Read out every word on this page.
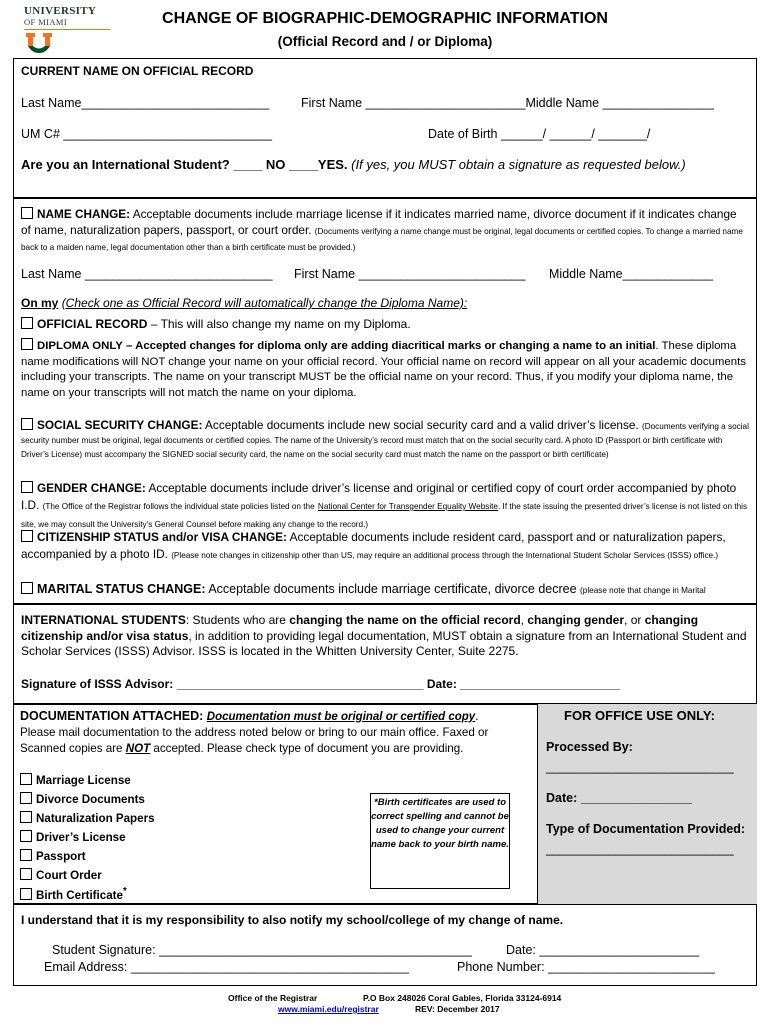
UNIVERSITY
OF MIAMI	CHANGE OF BIOGRAPHIC-DEMOGRAPHIC INFORMATION
(Official Record and / or Diploma)
CURRENT NAME ON OFFICIAL RECORD
Last Name___________________________	First Name _______________________Middle Name ________________
UM C# ______________________________	Date of Birth ______/ ______/ _______/
Are you an International Student? ____ NO ____YES. (If yes, you MUST obtain a signature as requested below.)
NAME CHANGE: Acceptable documents include marriage license if it indicates married name, divorce document if it indicates change of name, naturalization papers, passport, or court order. (Documents verifying a name change must be original, legal documents or certified copies. To change a married name back to a maiden name, legal documentation other than a birth certificate must be provided.)
Last Name ___________________________ First Name ________________________ Middle Name_____________
On my (Check one as Official Record will automatically change the Diploma Name):
OFFICIAL RECORD – This will also change my name on my Diploma.
DIPLOMA ONLY – Accepted changes for diploma only are adding diacritical marks or changing a name to an initial. These diploma name modifications will NOT change your name on your official record. Your official name on record will appear on all your academic documents including your transcripts. The name on your transcript MUST be the official name on your record. Thus, if you modify your diploma name, the name on your transcripts will not match the name on your diploma.
SOCIAL SECURITY CHANGE: Acceptable documents include new social security card and a valid driver’s license. (Documents verifying a social security number must be original, legal documents or certified copies. The name of the University’s record must match that on the social security card. A photo ID (Passport or birth certificate with Driver’s License) must accompany the SIGNED social security card, the name on the social security card must match the name on the passport or birth certificate)
GENDER CHANGE: Acceptable documents include driver’s license and original or certified copy of court order accompanied by photo I.D. (The Office of the Registrar follows the individual state policies listed on the National Center for Transgender Equality Website. If the state issuing the presented driver’s license is not listed on this site, we may consult the University’s General Counsel before making any change to the record.)
CITIZENSHIP STATUS and/or VISA CHANGE: Acceptable documents include resident card, passport and or naturalization papers, accompanied by a photo ID. (Please note changes in citizenship other than US, may require an additional process through the International Student Scholar Services (ISSS) office.)
MARITAL STATUS CHANGE: Acceptable documents include marriage certificate, divorce decree (please note that change in Marital
INTERNATIONAL STUDENTS: Students who are changing the name on the official record, changing gender, or changing citizenship and/or visa status, in addition to providing legal documentation, MUST obtain a signature from an International Student and Scholar Services (ISSS) Advisor. ISSS is located in the Whitten University Center, Suite 2275.
Signature of ISSS Advisor: _____________________________________ Date: ________________________
FOR OFFICE USE ONLY:
Processed By:
___________________________
Date: ________________
Type of Documentation Provided:
___________________________
DOCUMENTATION ATTACHED: Documentation must be original or certified copy.
Please mail documentation to the address noted below or bring to our main office. Faxed or
Scanned copies are NOT accepted. Please check type of document you are providing.
Marriage License
Divorce Documents
Naturalization Papers
Driver’s License
Passport
Court Order
Birth Certificate*
*Birth certificates are used to correct spelling and cannot be used to change your current name back to your birth name.
I understand that it is my responsibility to also notify my school/college of my change of name.
Student Signature: _____________________________________________	Date: _______________________
Email Address: ________________________________________	Phone Number: ________________________
Office of the Registrar	P.O Box 248026 Coral Gables, Florida 33124-6914
www.miami.edu/registrar	REV: December 2017
